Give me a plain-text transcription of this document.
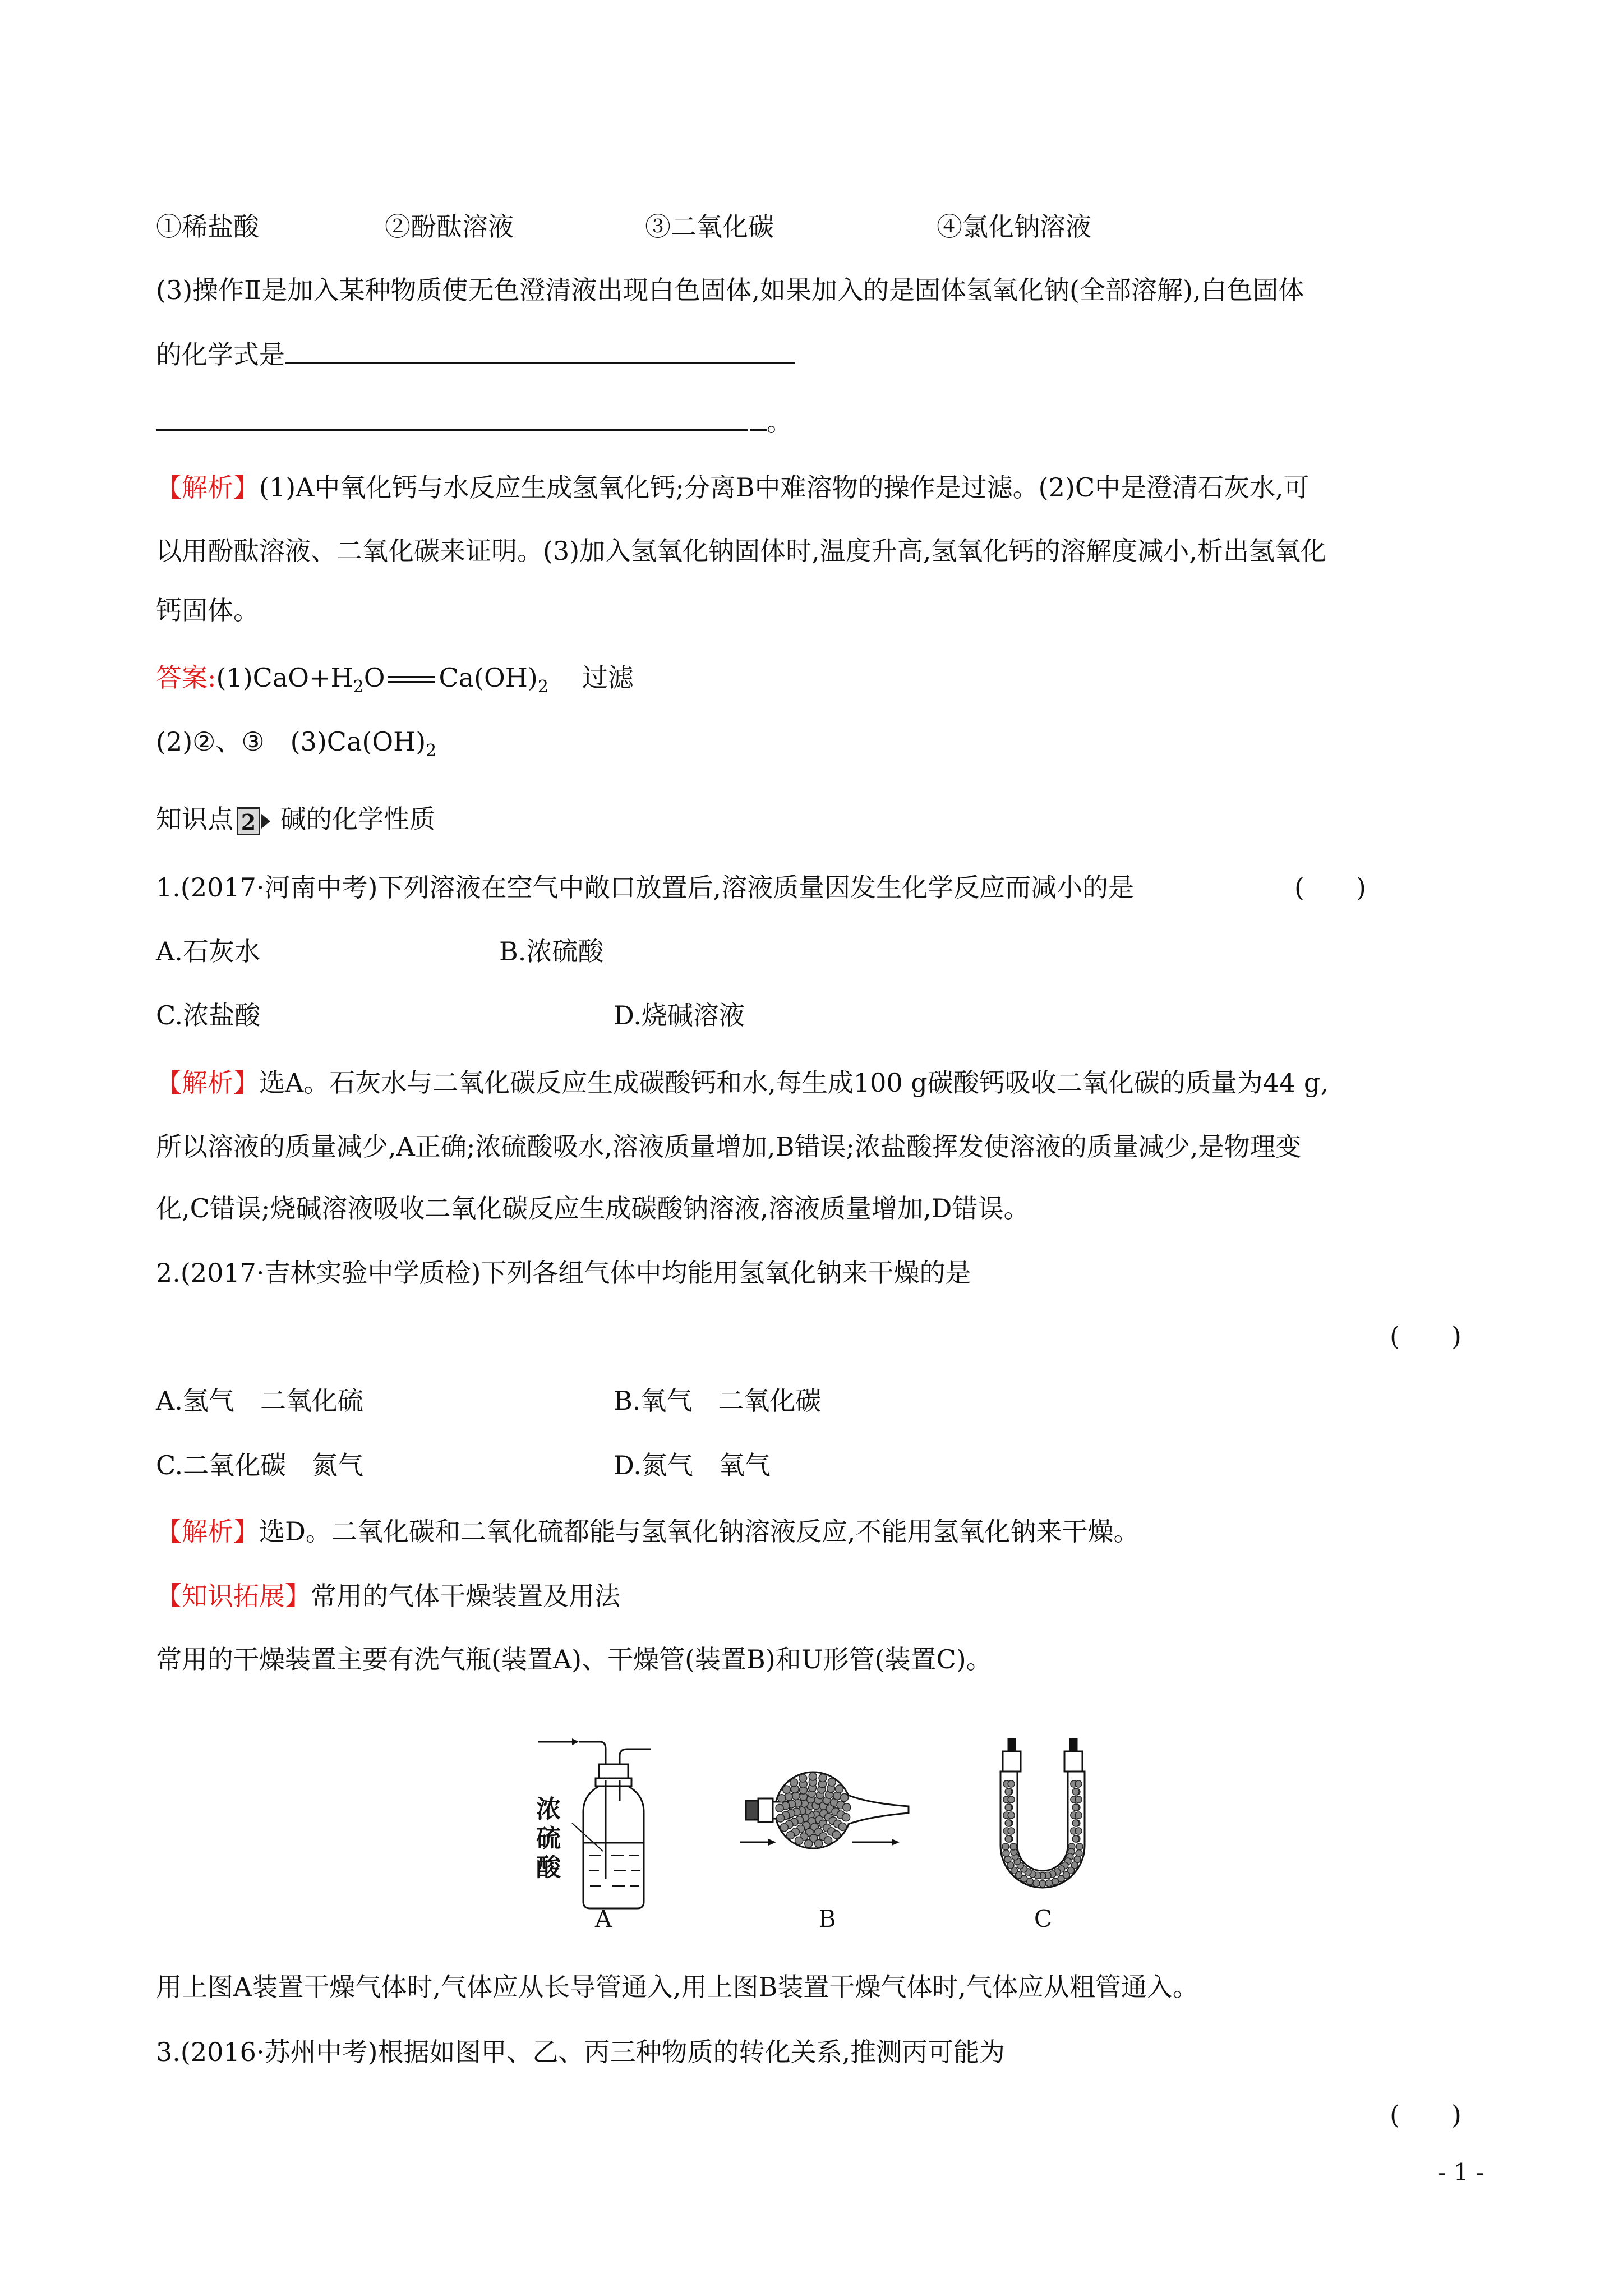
①稀盐酸	②酚酞溶液	③二氧化碳	④氯化钠溶液
(3)操作Ⅱ是加入某种物质使无色澄清液出现白色固体,如果加入的是固体氢氧化钠(全部溶解),白色固体
的化学式是
。
【解析】(1)A中氧化钙与水反应生成氢氧化钙;分离B中难溶物的操作是过滤。(2)C中是澄清石灰水,可
以用酚酞溶液、二氧化碳来证明。(3)加入氢氧化钠固体时,温度升高,氢氧化钙的溶解度减小,析出氢氧化
钙固体。
答案$:(1)CaO+H_2O$ $Ca(OH)_2$ 过滤
(2)②、③　$(3)Ca(OH)_2$
知识点 2 碱的化学性质
1.(2017·河南中考)下列溶液在空气中敞口放置后,溶液质量因发生化学反应而减小的是	(　　)
A.石灰水	B.浓硫酸
C.浓盐酸	D.烧碱溶液
【解析】选A。石灰水与二氧化碳反应生成碳酸钙和水,每生成100 g碳酸钙吸收二氧化碳的质量为44 g,
所以溶液的质量减少,A正确;浓硫酸吸水,溶液质量增加,B错误;浓盐酸挥发使溶液的质量减少,是物理变
化,C错误;烧碱溶液吸收二氧化碳反应生成碳酸钠溶液,溶液质量增加,D错误。
2.(2017·吉林实验中学质检)下列各组气体中均能用氢氧化钠来干燥的是
(　　)
A.氢气　二氧化硫	B.氧气　二氧化碳
C.二氧化碳　氮气	D.氮气　氧气
【解析】选D。二氧化碳和二氧化硫都能与氢氧化钠溶液反应,不能用氢氧化钠来干燥。
【知识拓展】常用的气体干燥装置及用法
常用的干燥装置主要有洗气瓶(装置A)、干燥管(装置B)和U形管(装置C)。
浓
硫
酸
A	B	C
用上图A装置干燥气体时,气体应从长导管通入,用上图B装置干燥气体时,气体应从粗管通入。
3.(2016·苏州中考)根据如图甲、乙、丙三种物质的转化关系,推测丙可能为
(　　)
- 1 -
